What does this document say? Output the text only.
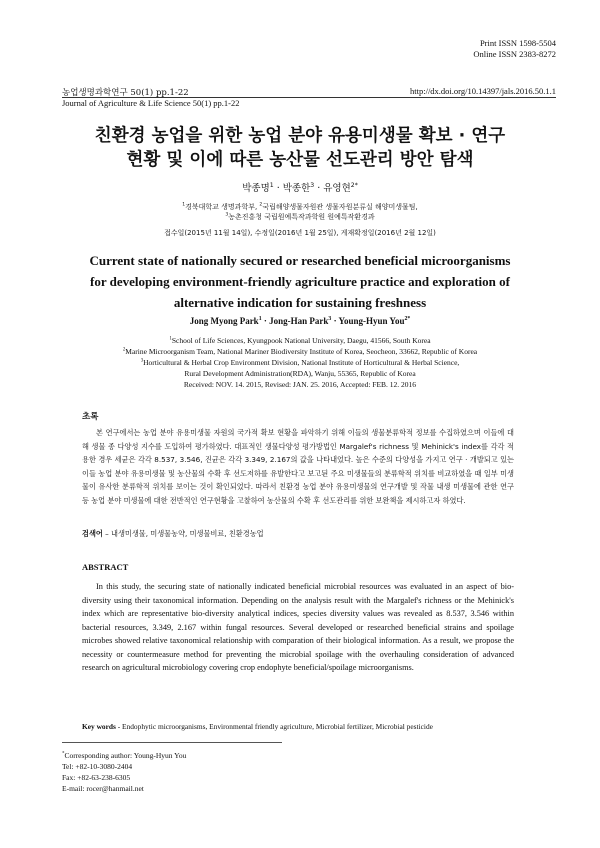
Print ISSN 1598-5504
Online ISSN 2383-8272
농업생명과학연구 50(1) pp.1-22	http://dx.doi.org/10.14397/jals.2016.50.1.1
Journal of Agriculture & Life Science 50(1) pp.1-22
친환경 농업을 위한 농업 분야 유용미생물 확보 · 연구
현황 및 이에 따른 농산물 선도관리 방안 탐색
박종명$^1$ · 박종한$^3$ · 유영현$^{2*}$
$^1$경북대학교 생명과학부, $^2$국립해양생물자원관 생물자원분류실 해양미생물팀,
$^3$농촌진흥청 국립원예특작과학원 원예특작환경과
접수일(2015년 11월 14일), 수정일(2016년 1월 25일), 게재확정일(2016년 2월 12일)
Current state of nationally secured or researched beneficial microorganisms
for developing environment-friendly agriculture practice and exploration of
alternative indication for sustaining freshness
Jong Myong Park$^1$ · Jong-Han Park$^3$ · Young-Hyun You$^{2*}$
$^1$School of Life Sciences, Kyungpook National University, Daegu, 41566, South Korea
$^2$Marine Microorganism Team, National Mariner Biodiversity Institute of Korea, Seocheon, 33662, Republic of Korea
$^3$Horticultural & Herbal Crop Environment Division, National Institute of Horticultural & Herbal Science,
Rural Development Administration(RDA), Wanju, 55365, Republic of Korea
Received: NOV. 14. 2015, Revised: JAN. 25. 2016, Accepted: FEB. 12. 2016
초록
본 연구에서는 농업 분야 유용미생물 자원의 국가적 확보 현황을 파악하기 위해 이들의 생물분류학적 정보를 수집하였으며 이들에 대해 생물 종 다양성 지수를 도입하여 평가하였다. 대표적인 생물다양성 평가방법인 Margalef's richness 및 Mehinick's index를 각각 적용한 경우 세균은 각각 8.537, 3.546, 진균은 각각 3.349, 2.167의 값을 나타내었다. 높은 수준의 다양성을 가지고 연구 · 개발되고 있는 이들 농업 분야 유용미생물 및 농산물의 수확 후 선도저하를 유발한다고 보고된 주요 미생물들의 분류학적 위치를 비교하였을 때 일부 미생물이 유사한 분류학적 위치를 보이는 것이 확인되었다. 따라서 친환경 농업 분야 유용미생물의 연구개발 및 작물 내생 미생물에 관한 연구 등 농업 분야 미생물에 대한 전반적인 연구현황을 고찰하여 농산물의 수확 후 선도관리를 위한 보완책을 제시하고자 하였다.
검색어 – 내생미생물, 미생물농약, 미생물비료, 친환경농업
ABSTRACT
In this study, the securing state of nationally indicated beneficial microbial resources was evaluated in an aspect of bio-diversity using their taxonomical information. Depending on the analysis result with the Margalef's richness or the Mehinick's index which are representative bio-diversity analytical indices, species diversity values was revealed as 8.537, 3.546 within bacterial resources, 3.349, 2.167 within fungal resources. Several developed or researched beneficial strains and spoilage microbes showed relative taxonomical relationship with comparation of their biological information. As a result, we propose the necessity or countermeasure method for preventing the microbial spoilage with the overhauling consideration of advanced research on agricultural microbiology covering crop endophyte beneficial/spoilage microorganisms.
Key words - Endophytic microorganisms, Environmental friendly agriculture, Microbial fertilizer, Microbial pesticide
*Corresponding author: Young-Hyun You
Tel: +82-10-3080-2404
Fax: +82-63-238-6305
E-mail: rocer@hanmail.net
